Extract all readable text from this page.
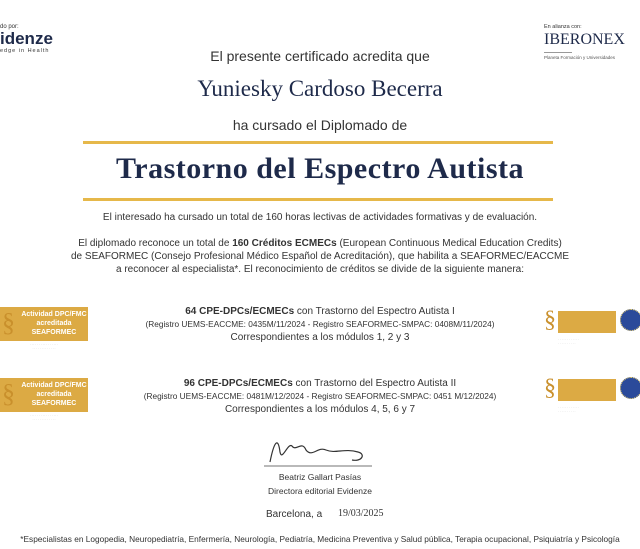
do por:
idenze
edge in Health
En alianza con:
IBERONEX
Planeta Formación y Universidades
El presente certificado acredita que
Yuniesky Cardoso Becerra
ha cursado el Diplomado de
Trastorno del Espectro Autista
El interesado ha cursado un total de 160 horas lectivas de actividades formativas y de evaluación.
El diplomado reconoce un total de 160 Créditos ECMECs (European Continuous Medical Education Credits)
de SEAFORMEC (Consejo Profesional Médico Español de Acreditación), que habilita a SEAFORMEC/EACCME
a reconocer al especialista*. El reconocimiento de créditos se divide de la siguiente manera:
64 CPE-DPCs/ECMECs con Trastorno del Espectro Autista I
(Registro UEMS-EACCME: 0435M/11/2024 - Registro SEAFORMEC-SMPAC: 0408M/11/2024)
Correspondientes a los módulos 1, 2 y 3
96 CPE-DPCs/ECMECs con Trastorno del Espectro Autista II
(Registro UEMS-EACCME: 0481M/12/2024 - Registro SEAFORMEC-SMPAC: 0451 M/12/2024)
Correspondientes a los módulos 4, 5, 6 y 7
Actividad DPC/FMC acreditada SEAFORMEC
§
· · · · · · · · · · · · · · · ·
· · · · · · · · · · · · ·
Actividad DPC/FMC acreditada SEAFORMEC
§
· · · · · · · · · · · · · · · ·
· · · · · · · · · · · · ·
§
· · · · · · · · · · · ·
· · · · · · · · · ·
§
· · · · · · · · · · · ·
· · · · · · · · · ·
Beatriz Gallart Pasías
Directora editorial Evidenze
Barcelona, a 19/03/2025
*Especialistas en Logopedia, Neuropediatría, Enfermería, Neurología, Pediatría, Medicina Preventiva y Salud pública, Terapia ocupacional, Psiquiatría y Psicología
